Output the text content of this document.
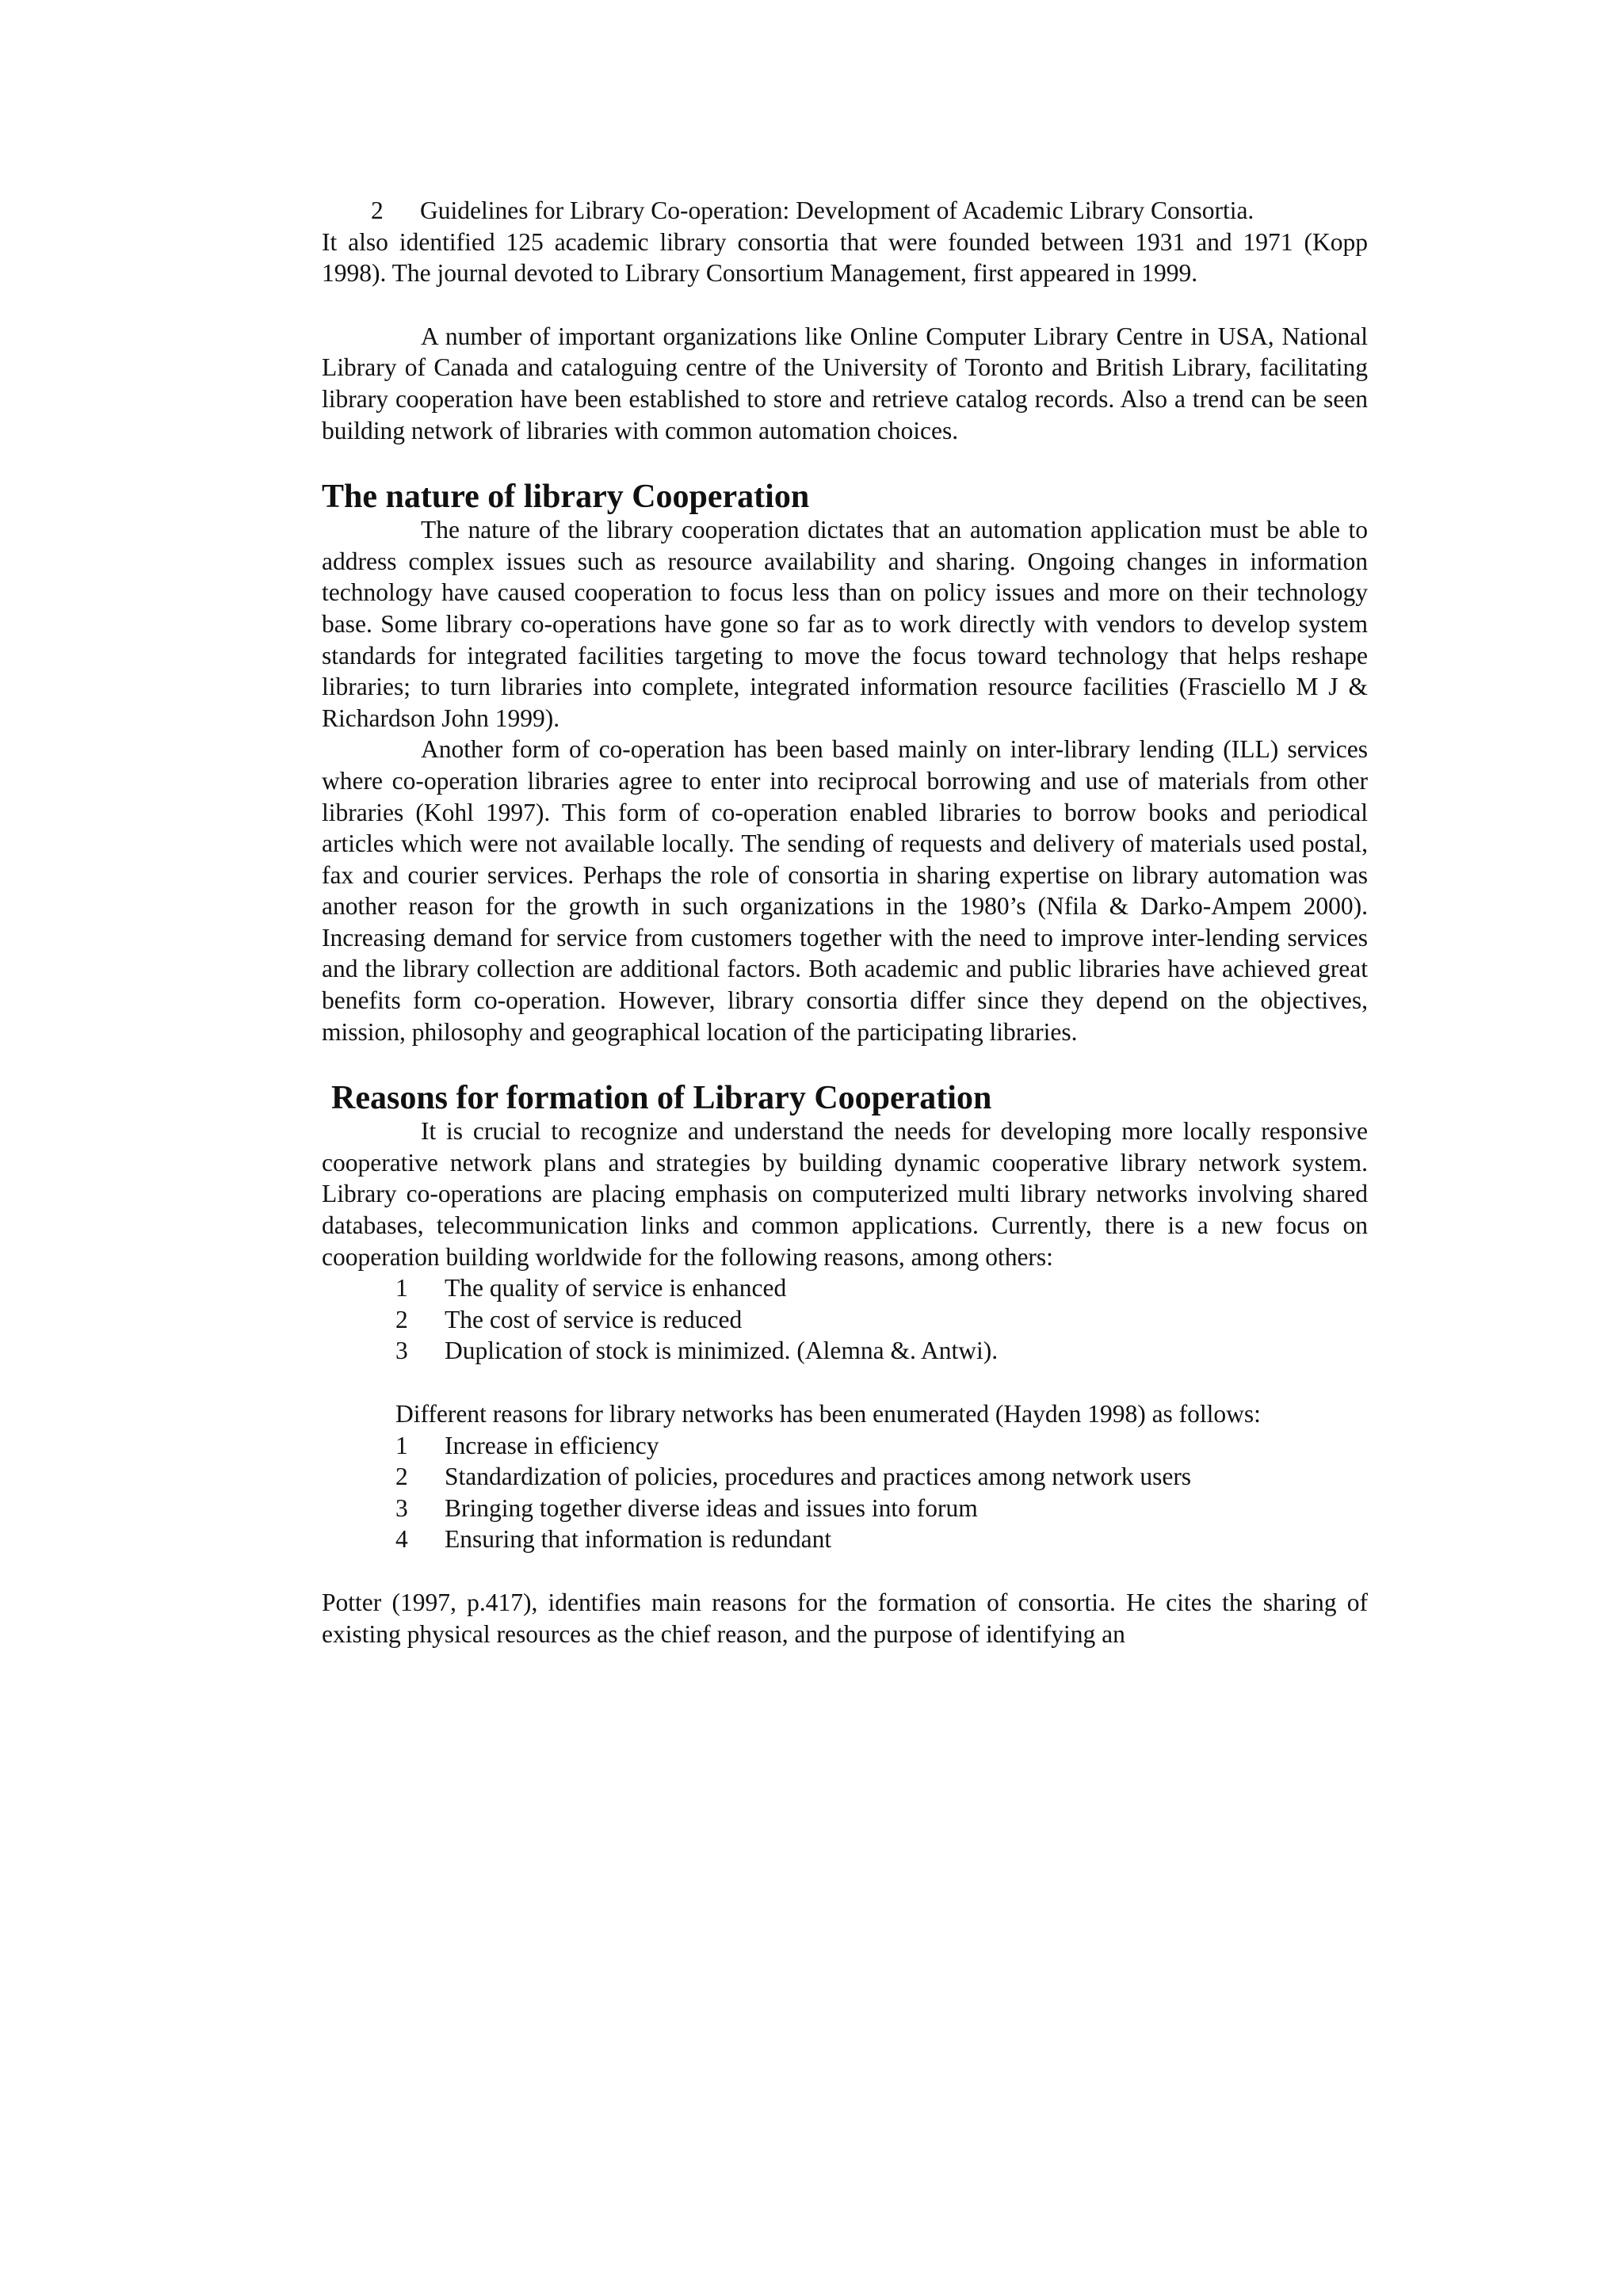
2	Guidelines for Library Co-operation: Development of Academic Library Consortia.

It also identified 125 academic library consortia that were founded between 1931 and 1971 (Kopp 1998). The journal devoted to Library Consortium Management, first appeared in 1999.

A number of important organizations like Online Computer Library Centre in USA, National Library of Canada and cataloguing centre of the University of Toronto and British Library, facilitating library cooperation have been established to store and retrieve catalog records. Also a trend can be seen building network of libraries with common automation choices.

The nature of library Cooperation

The nature of the library cooperation dictates that an automation application must be able to address complex issues such as resource availability and sharing. Ongoing changes in information technology have caused cooperation to focus less than on policy issues and more on their technology base. Some library co-operations have gone so far as to work directly with vendors to develop system standards for integrated facilities targeting to move the focus toward technology that helps reshape libraries; to turn libraries into complete, integrated information resource facilities (Frasciello M J & Richardson John 1999).

Another form of co-operation has been based mainly on inter-library lending (ILL) services where co-operation libraries agree to enter into reciprocal borrowing and use of materials from other libraries (Kohl 1997). This form of co-operation enabled libraries to borrow books and periodical articles which were not available locally. The sending of requests and delivery of materials used postal, fax and courier services. Perhaps the role of consortia in sharing expertise on library automation was another reason for the growth in such organizations in the 1980’s (Nfila & Darko-Ampem 2000). Increasing demand for service from customers together with the need to improve inter-lending services and the library collection are additional factors. Both academic and public libraries have achieved great benefits form co-operation. However, library consortia differ since they depend on the objectives, mission, philosophy and geographical location of the participating libraries.

Reasons for formation of Library Cooperation

It is crucial to recognize and understand the needs for developing more locally responsive cooperative network plans and strategies by building dynamic cooperative library network system. Library co-operations are placing emphasis on computerized multi library networks involving shared databases, telecommunication links and common applications. Currently, there is a new focus on cooperation building worldwide for the following reasons, among others:

1	The quality of service is enhanced
2	The cost of service is reduced
3	Duplication of stock is minimized. (Alemna &. Antwi).

Different reasons for library networks has been enumerated (Hayden 1998) as follows:

1	Increase in efficiency
2	Standardization of policies, procedures and practices among network users
3	Bringing together diverse ideas and issues into forum
4	Ensuring that information is redundant

Potter (1997, p.417), identifies main reasons for the formation of consortia. He cites the sharing of existing physical resources as the chief reason, and the purpose of identifying an
